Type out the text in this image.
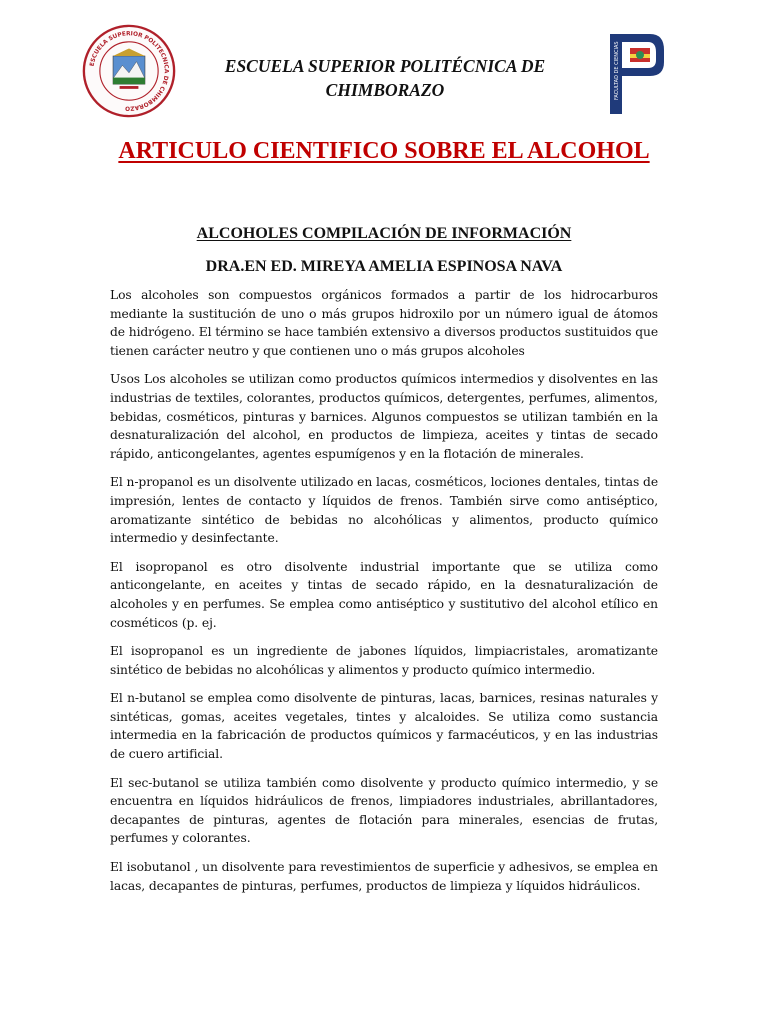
ESCUELA SUPERIOR POLITECNICA DE CHIMBORAZO
ESCUELA SUPERIOR POLITÉCNICA DE
CHIMBORAZO	FACULTAD DE CIENCIAS
ARTICULO CIENTIFICO SOBRE EL ALCOHOL
ALCOHOLES COMPILACIÓN DE INFORMACIÓN
DRA.EN ED. MIREYA AMELIA ESPINOSA NAVA

Los alcoholes son compuestos orgánicos formados a partir de los hidrocarburos mediante la sustitución de uno o más grupos hidroxilo por un número igual de átomos de hidrógeno. El término se hace también extensivo a diversos productos sustituidos que tienen carácter neutro y que contienen uno o más grupos alcoholes

Usos Los alcoholes se utilizan como productos químicos intermedios y disolventes en las industrias de textiles, colorantes, productos químicos, detergentes, perfumes, alimentos, bebidas, cosméticos, pinturas y barnices. Algunos compuestos se utilizan también en la desnaturalización del alcohol, en productos de limpieza, aceites y tintas de secado rápido, anticongelantes, agentes espumígenos y en la flotación de minerales.

El n-propanol es un disolvente utilizado en lacas, cosméticos, lociones dentales, tintas de impresión, lentes de contacto y líquidos de frenos. También sirve como antiséptico, aromatizante sintético de bebidas no alcohólicas y alimentos, producto químico intermedio y desinfectante.

El isopropanol es otro disolvente industrial importante que se utiliza como anticongelante, en aceites y tintas de secado rápido, en la desnaturalización de alcoholes y en perfumes. Se emplea como antiséptico y sustitutivo del alcohol etílico en cosméticos (p. ej.

El isopropanol es un ingrediente de jabones líquidos, limpiacristales, aromatizante sintético de bebidas no alcohólicas y alimentos y producto químico intermedio.

El n-butanol se emplea como disolvente de pinturas, lacas, barnices, resinas naturales y sintéticas, gomas, aceites vegetales, tintes y alcaloides. Se utiliza como sustancia intermedia en la fabricación de productos químicos y farmacéuticos, y en las industrias de cuero artificial.

El sec-butanol se utiliza también como disolvente y producto químico intermedio, y se encuentra en líquidos hidráulicos de frenos, limpiadores industriales, abrillantadores, decapantes de pinturas, agentes de flotación para minerales, esencias de frutas, perfumes y colorantes.

El isobutanol , un disolvente para revestimientos de superficie y adhesivos, se emplea en lacas, decapantes de pinturas, perfumes, productos de limpieza y líquidos hidráulicos.
